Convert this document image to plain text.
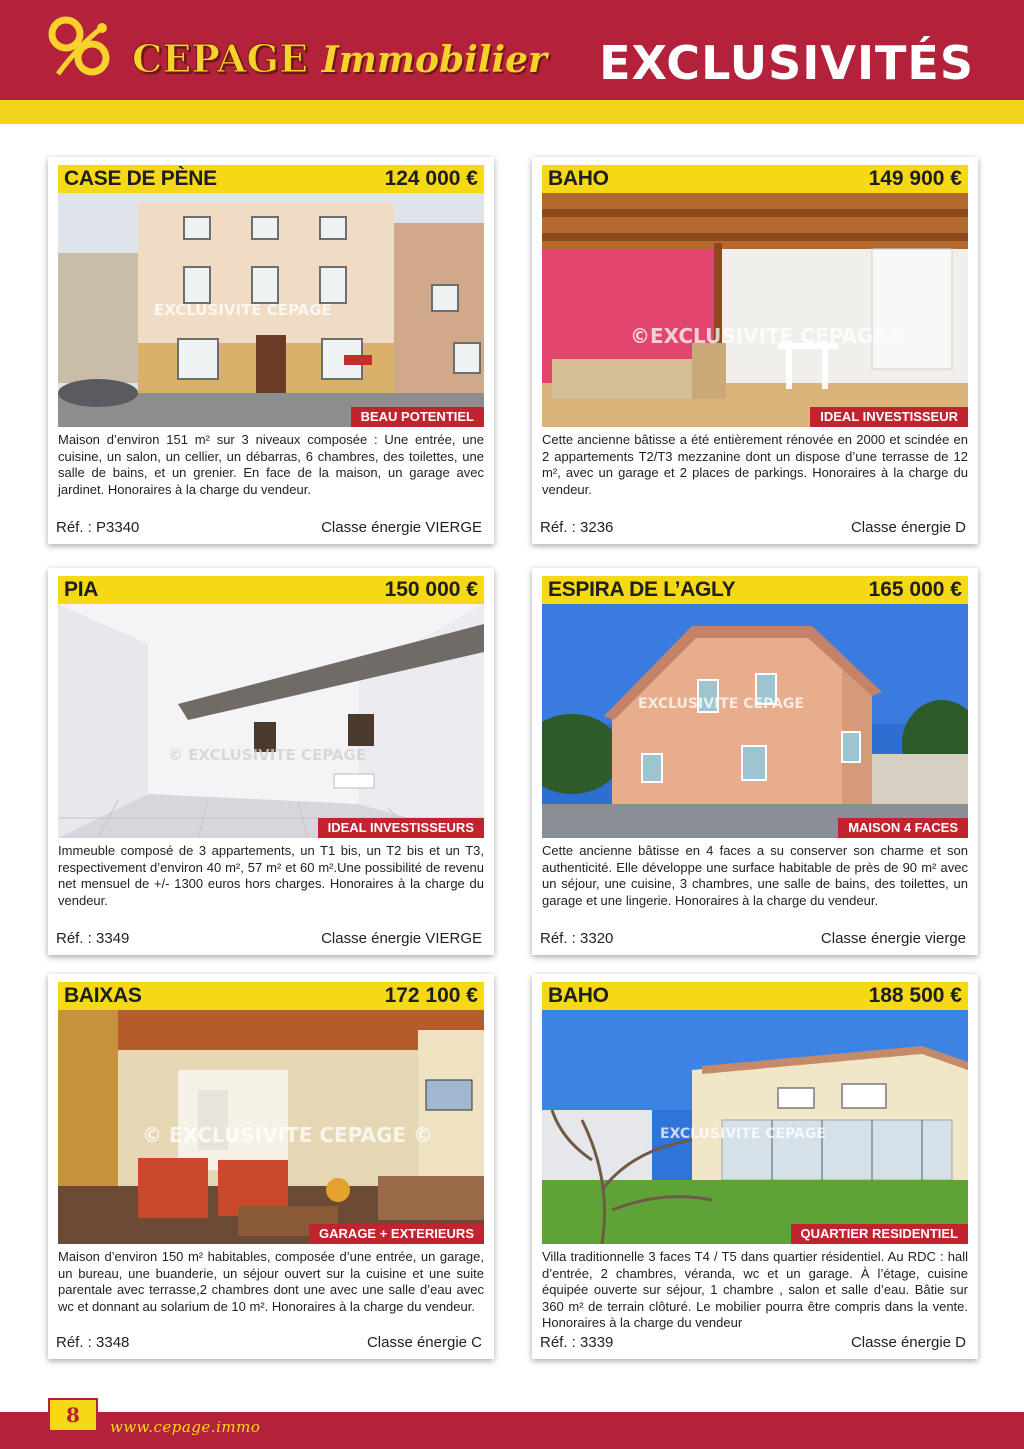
CEPAGE Immobilier EXCLUSIVITÉS
CASE DE PÈNE	124 000 €
EXCLUSIVITE CEPAGE
BEAU POTENTIEL
Maison d’environ 151 m² sur 3 niveaux composée : Une entrée, une cuisine, un salon, un cellier, un débarras, 6 chambres, des toilettes, une salle de bains, et un grenier. En face de la maison, un garage avec jardinet. Honoraires à la charge du vendeur.
Réf. : P3340	Classe énergie VIERGE
BAHO	149 900 €
©EXCLUSIVITE CEPAGE©
IDEAL INVESTISSEUR
Cette ancienne bâtisse a été entièrement rénovée en 2000 et scindée en 2 appartements T2/T3 mezzanine dont un dispose d’une terrasse de 12 m², avec un garage et 2 places de parkings. Honoraires à la charge du vendeur.
Réf. : 3236	Classe énergie D
PIA	150 000 €
© EXCLUSIVITE CEPAGE
IDEAL INVESTISSEURS
Immeuble composé de 3 appartements, un T1 bis, un T2 bis et un T3, respectivement d’environ 40 m², 57 m² et 60 m².Une possibilité de revenu net mensuel de +/- 1300 euros hors charges. Honoraires à la charge du vendeur.
Réf. : 3349	Classe énergie VIERGE
ESPIRA DE L’AGLY	165 000 €
EXCLUSIVITE CEPAGE
MAISON 4 FACES
Cette ancienne bâtisse en 4 faces a su conserver son charme et son authenticité. Elle développe une surface habitable de près de 90 m² avec un séjour, une cuisine, 3 chambres, une salle de bains, des toilettes, un garage et une lingerie. Honoraires à la charge du vendeur.
Réf. : 3320	Classe énergie vierge
BAIXAS	172 100 €
© EXCLUSIVITE CEPAGE ©
GARAGE + EXTERIEURS
Maison d’environ 150 m² habitables, composée d’une entrée, un garage, un bureau, une buanderie, un séjour ouvert sur la cuisine et une suite parentale avec terrasse,2 chambres dont une avec une salle d’eau avec wc et donnant au solarium de 10 m². Honoraires à la charge du vendeur.
Réf. : 3348	Classe énergie C
BAHO	188 500 €
EXCLUSIVITE CEPAGE
QUARTIER RESIDENTIEL
Villa traditionnelle 3 faces T4 / T5 dans quartier résidentiel. Au RDC : hall d’entrée, 2 chambres, véranda, wc et un garage. À l’étage, cuisine équipée ouverte sur séjour, 1 chambre , salon et salle d’eau. Bâtie sur 360 m² de terrain clôturé. Le mobilier pourra être compris dans la vente. Honoraires à la charge du vendeur
Réf. : 3339	Classe énergie D
8	www.cepage.immo
